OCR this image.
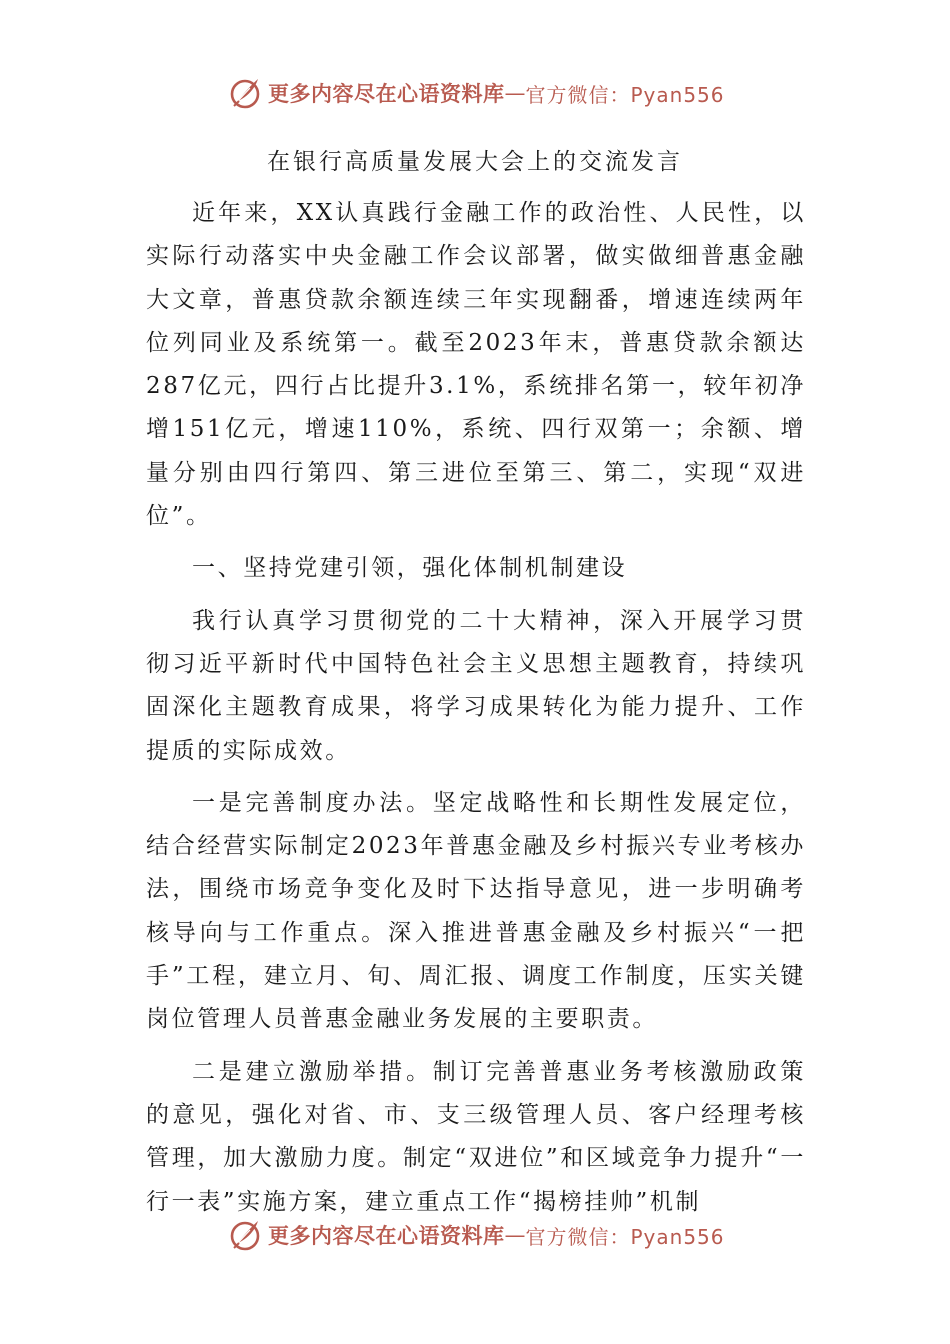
更多内容尽在心语资料库 — 官方微信：Pyan556
在银行高质量发展大会上的交流发言

近年来，XX认真践行金融工作的政治性、人民性，以实际行动落实中央金融工作会议部署，做实做细普惠金融大文章，普惠贷款余额连续三年实现翻番，增速连续两年位列同业及系统第一。截至2023年末，普惠贷款余额达287亿元，四行占比提升3.1%，系统排名第一，较年初净增151亿元，增速110%，系统、四行双第一；余额、增量分别由四行第四、第三进位至第三、第二，实现“双进位”。

一、坚持党建引领，强化体制机制建设

我行认真学习贯彻党的二十大精神，深入开展学习贯彻习近平新时代中国特色社会主义思想主题教育，持续巩固深化主题教育成果，将学习成果转化为能力提升、工作提质的实际成效。

一是完善制度办法。坚定战略性和长期性发展定位，结合经营实际制定2023年普惠金融及乡村振兴专业考核办法，围绕市场竞争变化及时下达指导意见，进一步明确考核导向与工作重点。深入推进普惠金融及乡村振兴“一把手”工程，建立月、旬、周汇报、调度工作制度，压实关键岗位管理人员普惠金融业务发展的主要职责。

二是建立激励举措。制订完善普惠业务考核激励政策的意见，强化对省、市、支三级管理人员、客户经理考核管理，加大激励力度。制定“双进位”和区域竞争力提升“一行一表”实施方案，建立重点工作“揭榜挂帅”机制

更多内容尽在心语资料库 — 官方微信：Pyan556
